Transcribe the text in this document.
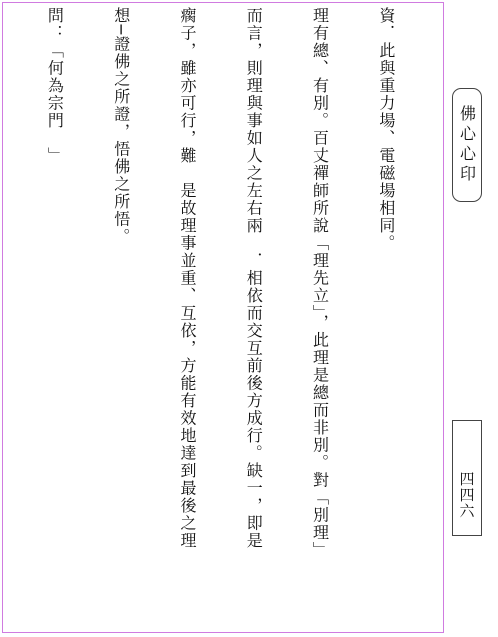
資．此與重力場、電磁場相同。

理有總、有別。百丈禪師所說「理先立」，此理是總而非別。對「別理」

而言，則理與事如人之左右兩　．相依而交互前後方成行。缺一，即是

瘸子，雖亦可行，難　是故理事並重、互依，方能有效地達到最後之理

想─證佛之所證，悟佛之所悟。

問：「何為宗門　」

	佛心心印
四四六
